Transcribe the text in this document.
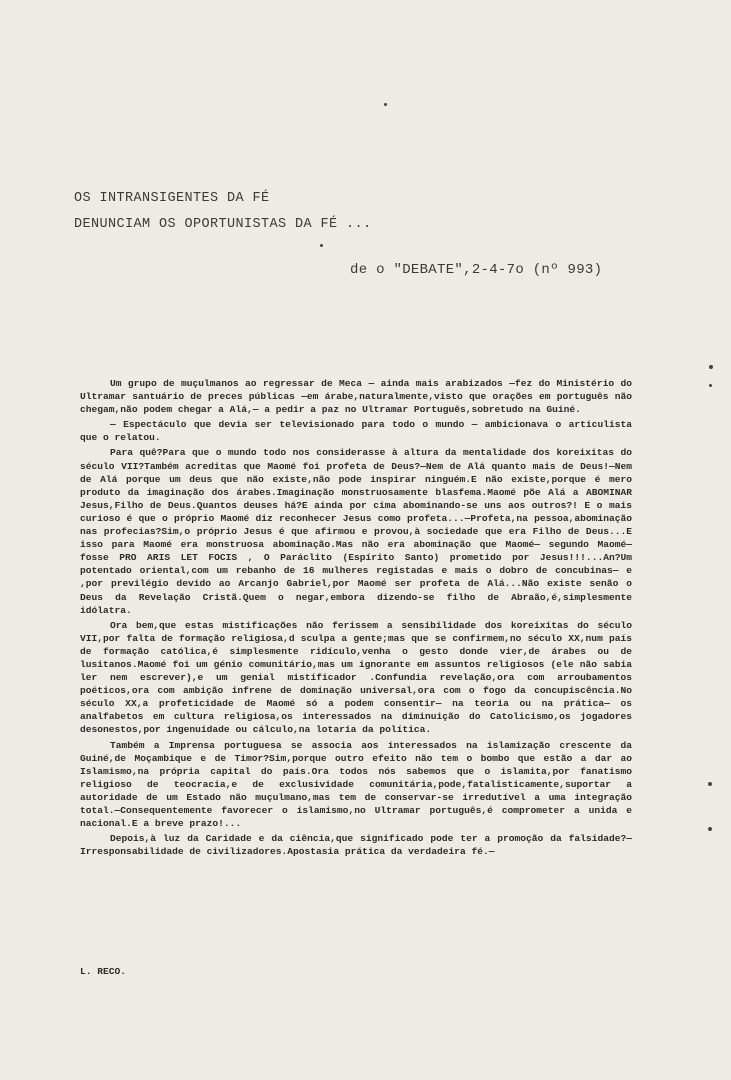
OS INTRANSIGENTES DA FÉ
DENUNCIAM OS OPORTUNISTAS DA FÉ ...
de o "DEBATE",2-4-7o (nº 993)

Um grupo de muçulmanos ao regressar de Meca — ainda mais arabizados —fez do Ministério do Ultramar santuário de preces públicas —em árabe,naturalmente,visto que orações em português não chegam,não podem chegar a Alá,— a pedir a paz no Ultramar Português,sobretudo na Guiné.

— Espectáculo que devia ser televisionado para todo o mundo — ambicionava o articulista que o relatou.

Para quê?Para que o mundo todo nos considerasse à altura da mentalidade dos koreixitas do século VII?Também acreditas que Maomé foi profeta de Deus?—Nem de Alá quanto mais de Deus!—Nem de Alá porque um deus que não existe,não pode inspirar ninguém.E não existe,porque é mero produto da imaginação dos árabes.Imaginação monstruosamente blasfema.Maomé põe Alá a ABOMINAR Jesus,Filho de Deus.Quantos deuses há?E ainda por cima abominando-se uns aos outros?! E o mais curioso é que o próprio Maomé diz reconhecer Jesus como profeta...—Profeta,na pessoa,abominação nas profecias?Sim,o próprio Jesus é que afirmou e provou,à sociedade que era Filho de Deus...E isso para Maomé era monstruosa abominação.Mas não era abominação que Maomé— segundo Maomé— fosse PRO ARIS LET FOCIS , O Paráclito (Espírito Santo) prometido por Jesus!!!...An?Um potentado oriental,com um rebanho de 16 mulheres registadas e mais o dobro de concubinas— e ,por previlégio devido ao Arcanjo Gabriel,por Maomé ser profeta de Alá...Não existe senão o Deus da Revelação Cristã.Quem o negar,embora dizendo-se filho de Abraão,é,simplesmente idólatra.

Ora bem,que estas mistificações não ferissem a sensibilidade dos koreixitas do século VII,por falta de formação religiosa,d sculpa a gente;mas que se confirmem,no século XX,num país de formação católica,é simplesmente ridículo,venha o gesto donde vier,de árabes ou de lusitanos.Maomé foi um génio comunitário,mas um ignorante em assuntos religiosos (ele não sabia ler nem escrever),e um genial mistificador .Confundia revelação,ora com arroubamentos poéticos,ora com ambição infrene de dominação universal,ora com o fogo da concupiscência.No século XX,a profeticidade de Maomé só a podem consentir— na teoria ou na prática— os analfabetos em cultura religiosa,os interessados na diminuição do Catolicismo,os jogadores desonestos,por ingenuidade ou cálculo,na lotaria da política.

Também a Imprensa portuguesa se associa aos interessados na islamização crescente da Guiné,de Moçambique e de Timor?Sim,porque outro efeito não tem o bombo que estão a dar ao Islamismo,na própria capital do país.Ora todos nós sabemos que o islamita,por fanatismo religioso de teocracia,e de exclusividade comunitária,pode,fatalisticamente,suportar a autoridade de um Estado não muçulmano,mas tem de conservar-se irredutível a uma integração total.—Consequentemente favorecer o islamismo,no Ultramar português,é comprometer a unida e nacional.E a breve prazo!...

Depois,à luz da Caridade e da ciência,que significado pode ter a promoção da falsidade?—Irresponsabilidade de civilizadores.Apostasia prática da verdadeira fé.—

L. RECO.
